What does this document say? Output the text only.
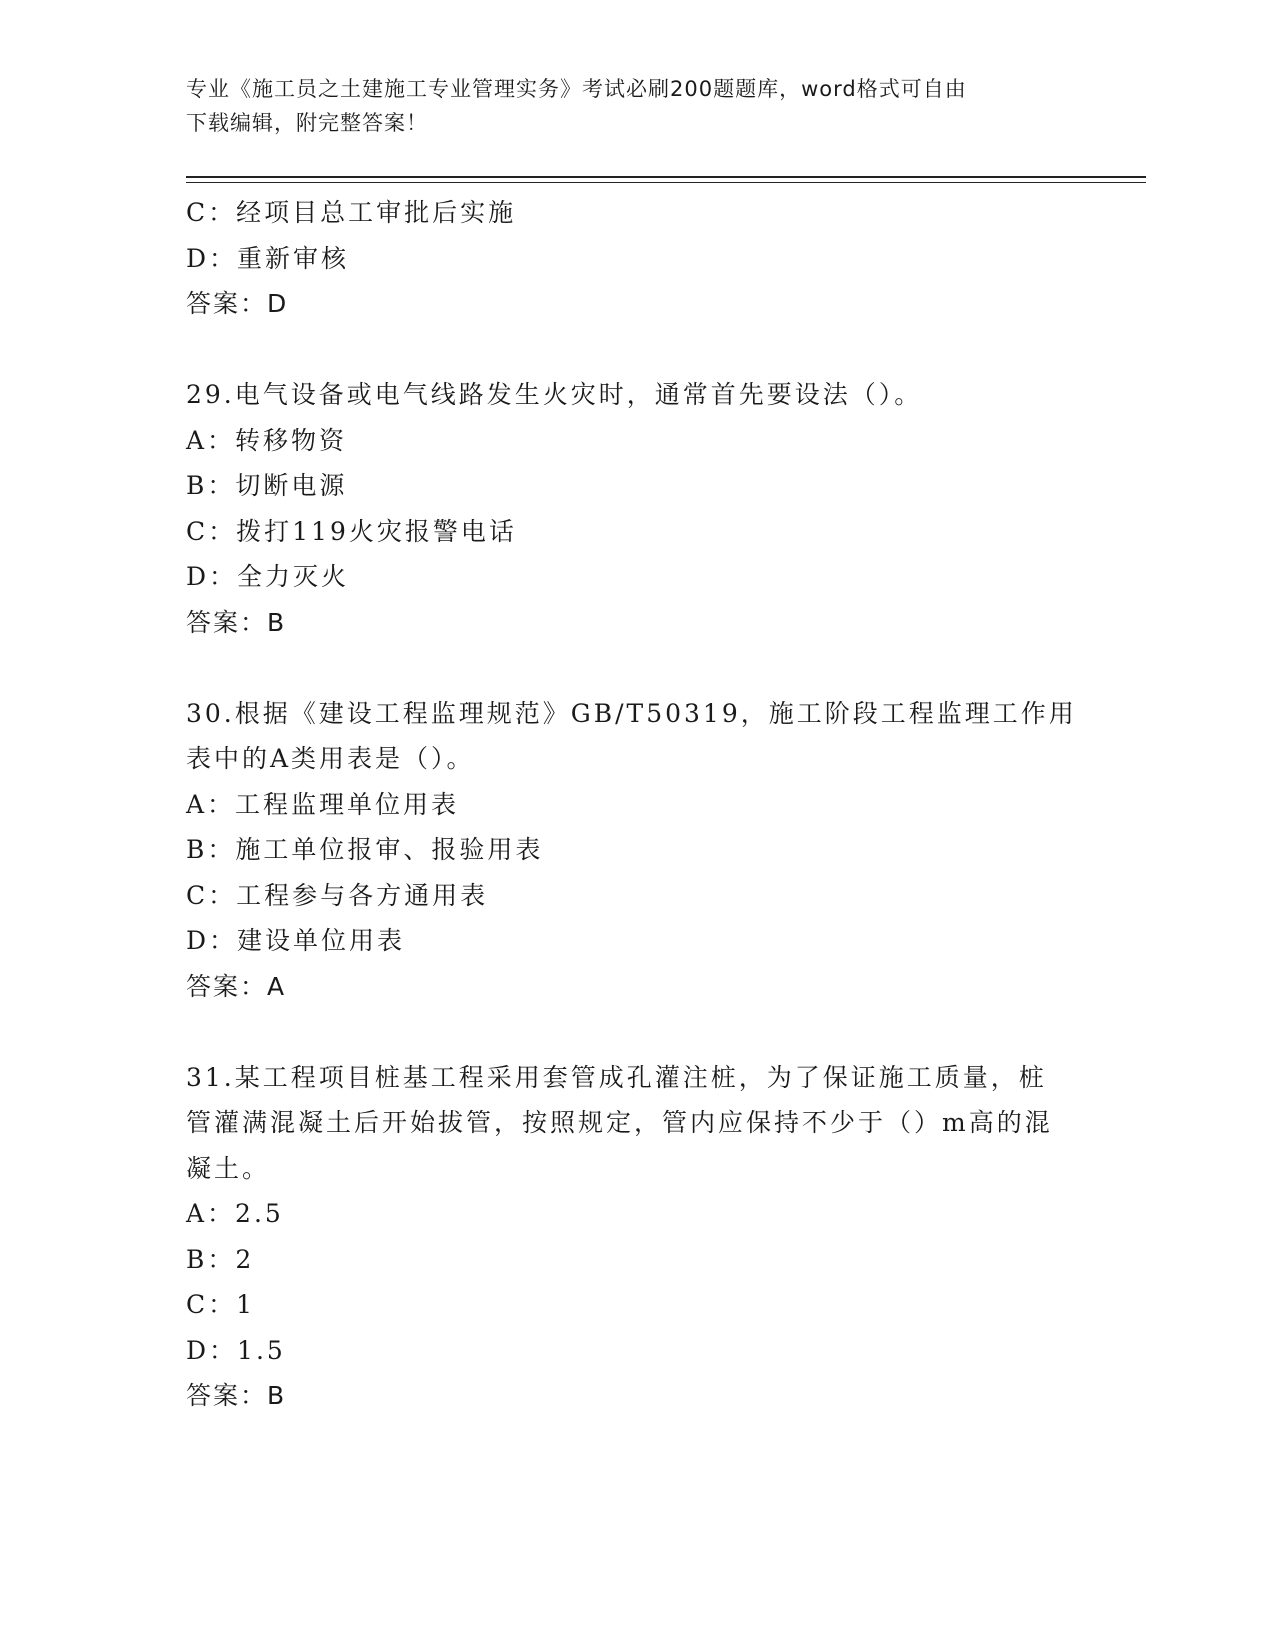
专业《施工员之土建施工专业管理实务》考试必刷200题题库，word格式可自由
下载编辑，附完整答案！
C：经项目总工审批后实施
D：重新审核
答案：D
29.电气设备或电气线路发生火灾时，通常首先要设法（）。
A：转移物资
B：切断电源
C：拨打119火灾报警电话
D：全力灭火
答案：B
30.根据《建设工程监理规范》GB/T50319，施工阶段工程监理工作用
表中的A类用表是（）。
A：工程监理单位用表
B：施工单位报审、报验用表
C：工程参与各方通用表
D：建设单位用表
答案：A
31.某工程项目桩基工程采用套管成孔灌注桩，为了保证施工质量，桩
管灌满混凝土后开始拔管，按照规定，管内应保持不少于（）m高的混
凝土。
A：2.5
B：2
C：1
D：1.5
答案：B
